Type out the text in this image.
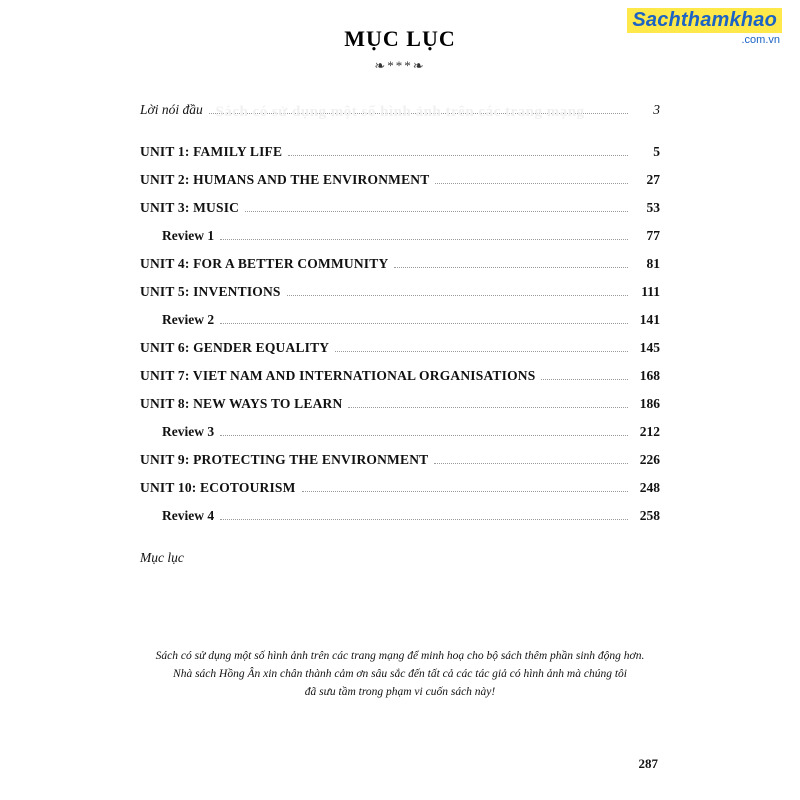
Sachthamkhao
.com.vn
Sách có sử dụng một số hình ảnh trên các trang mạng
MỤC LỤC
❧***❧
Lời nói đầu	3
UNIT 1: FAMILY LIFE	5
UNIT 2: HUMANS AND THE ENVIRONMENT	27
UNIT 3: MUSIC	53
Review 1	77
UNIT 4: FOR A BETTER COMMUNITY	81
UNIT 5: INVENTIONS	111
Review 2	141
UNIT 6: GENDER EQUALITY	145
UNIT 7: VIET NAM AND INTERNATIONAL ORGANISATIONS	168
UNIT 8: NEW WAYS TO LEARN	186
Review 3	212
UNIT 9: PROTECTING THE ENVIRONMENT	226
UNIT 10: ECOTOURISM	248
Review 4	258
Mục lục
Sách có sử dụng một số hình ảnh trên các trang mạng để minh hoạ cho bộ sách thêm phần sinh động hơn.
Nhà sách Hồng Ân xin chân thành cảm ơn sâu sắc đến tất cả các tác giả có hình ảnh mà chúng tôi
đã sưu tầm trong phạm vi cuốn sách này!
287
